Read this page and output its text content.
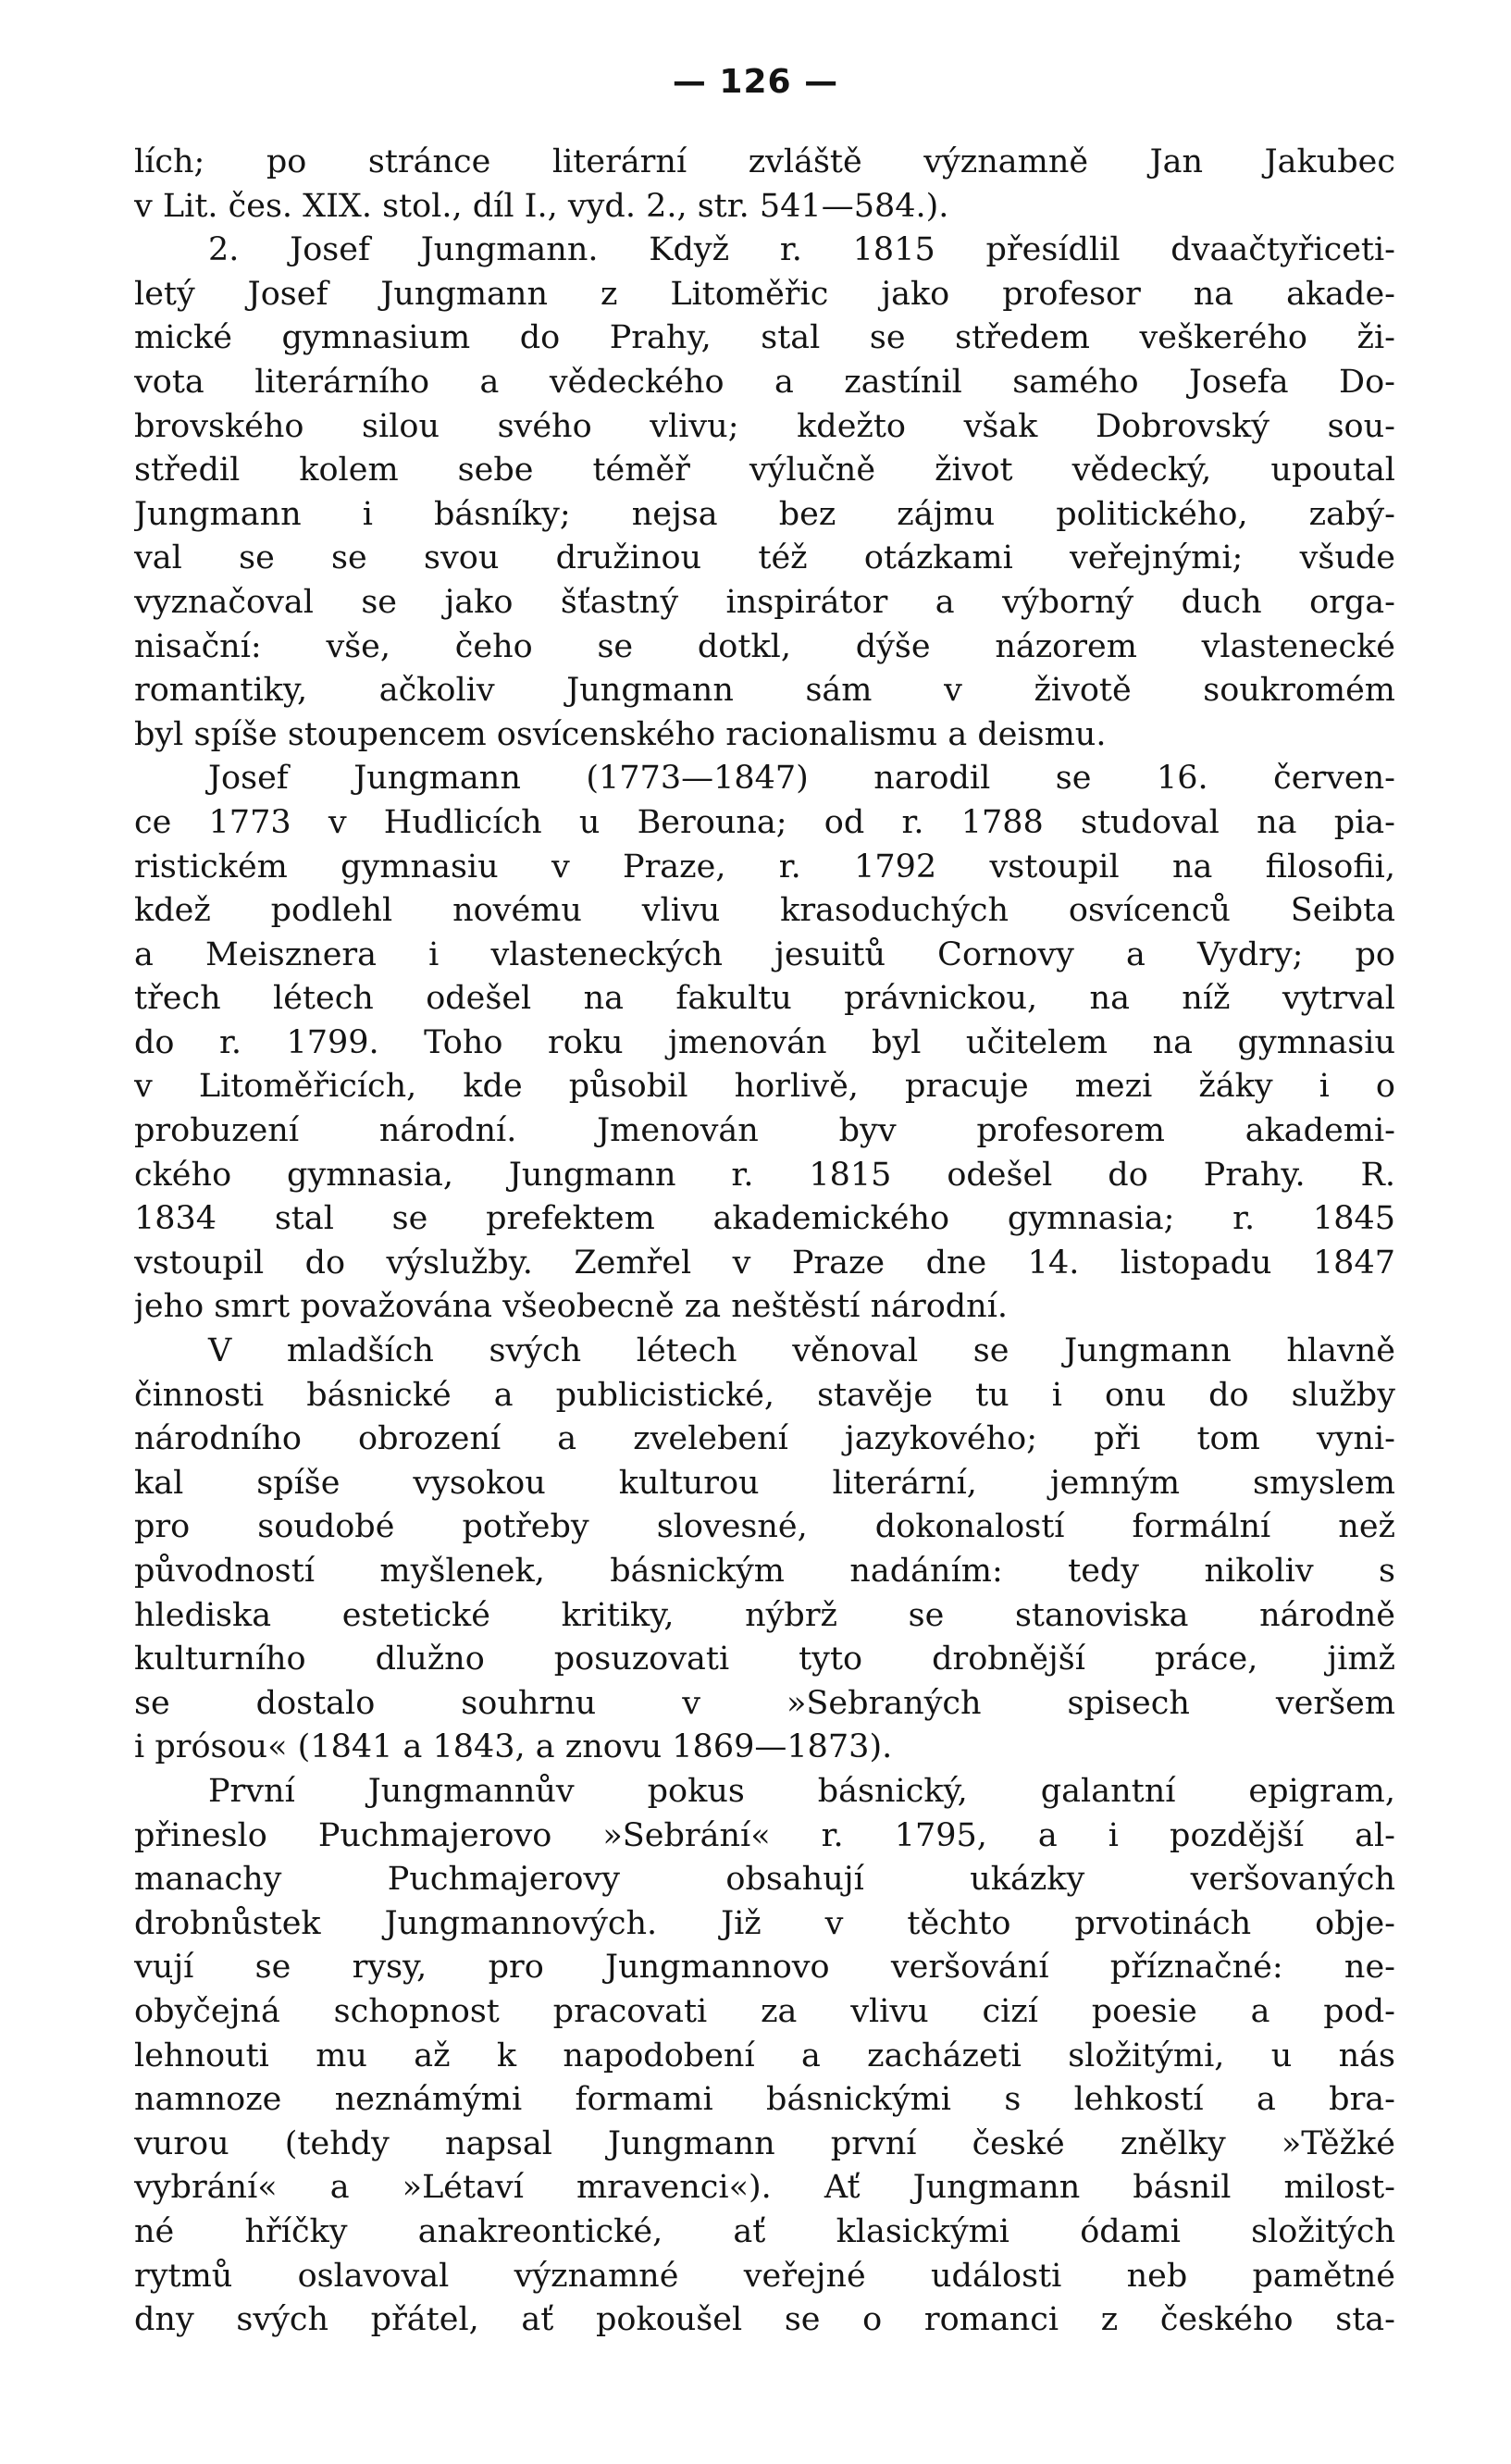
— 126 —
lích; po stránce literární zvláště významně Jan Jakubec
v Lit. čes. XIX. stol., díl I., vyd. 2., str. 541—584.).
2. Josef Jungmann. Když r. 1815 přesídlil dvaačtyřiceti-
letý Josef Jungmann z Litoměřic jako profesor na akade-
mické gymnasium do Prahy, stal se středem veškerého ži-
vota literárního a vědeckého a zastínil samého Josefa Do-
brovského silou svého vlivu; kdežto však Dobrovský sou-
středil kolem sebe téměř výlučně život vědecký, upoutal
Jungmann i básníky; nejsa bez zájmu politického, zabý-
val se se svou družinou též otázkami veřejnými; všude
vyznačoval se jako šťastný inspirátor a výborný duch orga-
nisační: vše, čeho se dotkl, dýše názorem vlastenecké
romantiky, ačkoliv Jungmann sám v životě soukromém
byl spíše stoupencem osvícenského racionalismu a deismu.
Josef Jungmann (1773—1847) narodil se 16. červen-
ce 1773 v Hudlicích u Berouna; od r. 1788 studoval na pia-
ristickém gymnasiu v Praze, r. 1792 vstoupil na filosofii,
kdež podlehl novému vlivu krasoduchých osvícenců Seibta
a Meisznera i vlasteneckých jesuitů Cornovy a Vydry; po
třech létech odešel na fakultu právnickou, na níž vytrval
do r. 1799. Toho roku jmenován byl učitelem na gymnasiu
v Litoměřicích, kde působil horlivě, pracuje mezi žáky i o
probuzení národní. Jmenován byv profesorem akademi-
. ckého gymnasia, Jungmann r. 1815 odešel do Prahy. R.
1834 stal se prefektem akademického gymnasia; r. 1845
vstoupil do výslužby. Zemřel v Praze dne 14. listopadu 1847
jeho smrt považována všeobecně za neštěstí národní.
V mladších svých létech věnoval se Jungmann hlavně
činnosti básnické a publicistické, stavěje tu i onu do služby
národního obrození a zvelebení jazykového; při tom vyni-
kal spíše vysokou kulturou literární, jemným smyslem
pro soudobé potřeby slovesné, dokonalostí formální než
původností myšlenek, básnickým nadáním: tedy nikoliv s
hlediska estetické kritiky, nýbrž se stanoviska národně
kulturního dlužno posuzovati tyto drobnější práce, jimž
se dostalo souhrnu v »Sebraných spisech veršem
i prósou« (1841 a 1843, a znovu 1869—1873).
První Jungmannův pokus básnický, galantní epigram,
přineslo Puchmajerovo »Sebrání« r. 1795, a i pozdější al-
. manachy Puchmajerovy obsahují ukázky veršovaných
drobnůstek Jungmannových. Již v těchto prvotinách obje-
vují se rysy, pro Jungmannovo veršování příznačné: ne-
obyčejná schopnost pracovati za vlivu cizí poesie a pod-
lehnouti mu až k napodobení a zacházeti složitými, u nás
namnoze neznámými formami básnickými s lehkostí a bra-
vurou (tehdy napsal Jungmann první české znělky »Těžké
vybrání« a »Létaví mravenci«). Ať Jungmann básnil milost-
né hříčky anakreontické, ať klasickými ódami složitých
rytmů oslavoval významné veřejné události neb pamětné
dny svých přátel, ať pokoušel se o romanci z českého sta-
